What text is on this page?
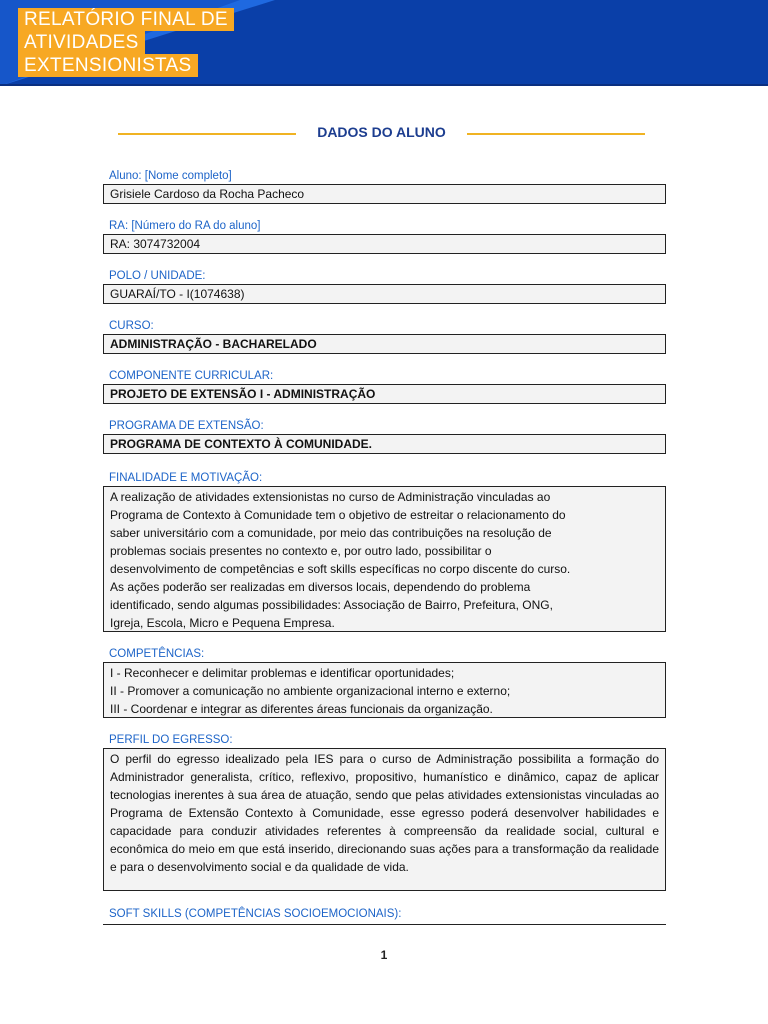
RELATÓRIO FINAL DE
ATIVIDADES
EXTENSIONISTAS
DADOS DO ALUNO
Aluno: [Nome completo]
Grisiele Cardoso da Rocha Pacheco
RA: [Número do RA do aluno]
RA: 3074732004
POLO / UNIDADE:
GUARAÍ/TO - I(1074638)
CURSO:
ADMINISTRAÇÃO - BACHARELADO
COMPONENTE CURRICULAR:
PROJETO DE EXTENSÃO I - ADMINISTRAÇÃO
PROGRAMA DE EXTENSÃO:
PROGRAMA DE CONTEXTO À COMUNIDADE.
FINALIDADE E MOTIVAÇÃO:
A realização de atividades extensionistas no curso de Administração vinculadas ao
Programa de Contexto à Comunidade tem o objetivo de estreitar o relacionamento do
saber universitário com a comunidade, por meio das contribuições na resolução de
problemas sociais presentes no contexto e, por outro lado, possibilitar o
desenvolvimento de competências e soft skills específicas no corpo discente do curso.
As ações poderão ser realizadas em diversos locais, dependendo do problema
identificado, sendo algumas possibilidades: Associação de Bairro, Prefeitura, ONG,
Igreja, Escola, Micro e Pequena Empresa.
COMPETÊNCIAS:
I - Reconhecer e delimitar problemas e identificar oportunidades;
II - Promover a comunicação no ambiente organizacional interno e externo;
III - Coordenar e integrar as diferentes áreas funcionais da organização.
PERFIL DO EGRESSO:
O perfil do egresso idealizado pela IES para o curso de Administração possibilita a formação do Administrador generalista, crítico, reflexivo, propositivo, humanístico e dinâmico, capaz de aplicar tecnologias inerentes à sua área de atuação, sendo que pelas atividades extensionistas vinculadas ao Programa de Extensão Contexto à Comunidade, esse egresso poderá desenvolver habilidades e capacidade para conduzir atividades referentes à compreensão da realidade social, cultural e econômica do meio em que está inserido, direcionando suas ações para a transformação da realidade e para o desenvolvimento social e da qualidade de vida.
SOFT SKILLS (COMPETÊNCIAS SOCIOEMOCIONAIS):
1
